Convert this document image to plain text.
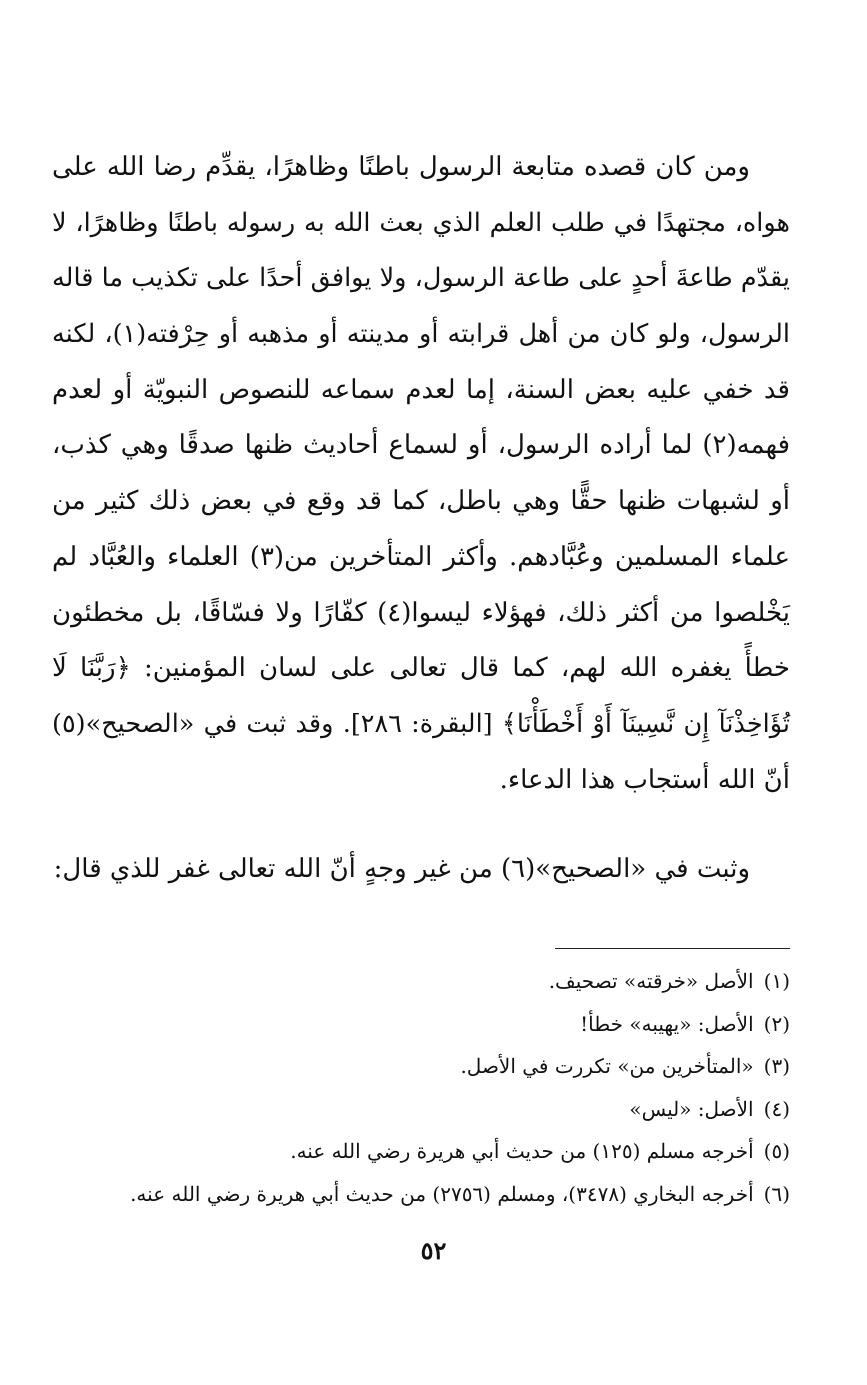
ومن كان قصده متابعة الرسول باطنًا وظاهرًا، يقدِّم رضا الله على
هواه، مجتهدًا في طلب العلم الذي بعث الله به رسوله باطنًا وظاهرًا، لا
يقدّم طاعةَ أحدٍ على طاعة الرسول، ولا يوافق أحدًا على تكذيب ما قاله
الرسول، ولو كان من أهل قرابته أو مدينته أو مذهبه أو حِرْفته(١)، لكنه
قد خفي عليه بعض السنة، إما لعدم سماعه للنصوص النبويّة أو لعدم
فهمه(٢) لما أراده الرسول، أو لسماع أحاديث ظنها صدقًا وهي كذب،
أو لشبهات ظنها حقًّا وهي باطل، كما قد وقع في بعض ذلك كثير من
علماء المسلمين وعُبَّادهم. وأكثر المتأخرين من(٣) العلماء والعُبَّاد لم
يَخْلصوا من أكثر ذلك، فهؤلاء ليسوا(٤) كفّارًا ولا فسّاقًا، بل مخطئون
خطأً يغفره الله لهم، كما قال تعالى على لسان المؤمنين: ﴿رَبَّنَا لَا
تُؤَاخِذْنَآ إِن نَّسِينَآ أَوْ أَخْطَأْنَا﴾ [البقرة: ٢٨٦]. وقد ثبت في «الصحيح»(٥)
أنّ الله أستجاب هذا الدعاء.
وثبت في «الصحيح»(٦) من غير وجهٍ أنّ الله تعالى غفر للذي قال:
(١)الأصل «خرقته» تصحيف.
(٢)الأصل: «يهيبه» خطأ!
(٣)«المتأخرين من» تكررت في الأصل.
(٤)الأصل: «ليس»
(٥)أخرجه مسلم (١٢٥) من حديث أبي هريرة رضي الله عنه.
(٦)أخرجه البخاري (٣٤٧٨)، ومسلم (٢٧٥٦) من حديث أبي هريرة رضي الله عنه.
٥٢
